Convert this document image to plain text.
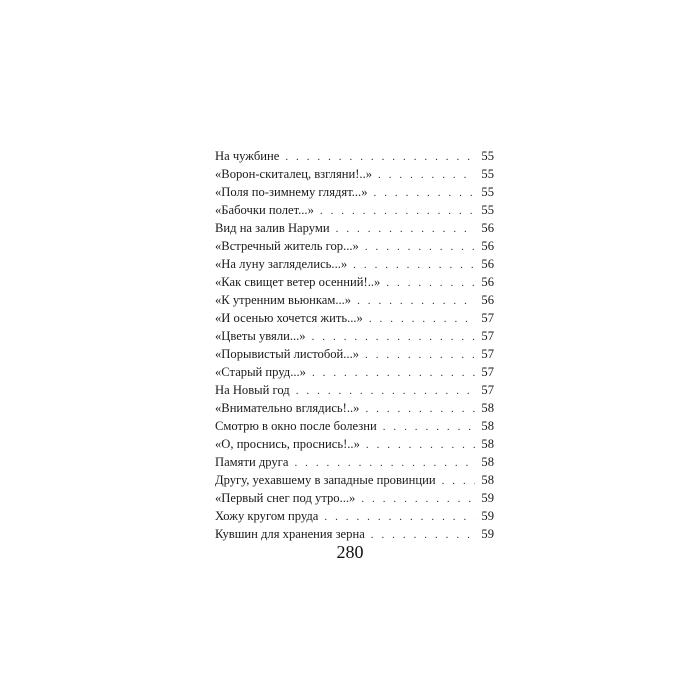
На чужбине . . .	55
«Ворон-скиталец, взгляни!..» . . .	55
«Поля по-зимнему глядят...» . . .	55
«Бабочки полет...» . . .	55
Вид на залив Наруми . . .	56
«Встречный житель гор...» . . .	56
«На луну загляделись...» . . .	56
«Как свищет ветер осенний!..» . . .	56
«К утренним вьюнкам...» . . .	56
«И осенью хочется жить...» . . .	57
«Цветы увяли...» . . .	57
«Порывистый листобой...» . . .	57
«Старый пруд...» . . .	57
На Новый год . . .	57
«Внимательно вглядись!..» . . .	58
Смотрю в окно после болезни . . .	58
«О, проснись, проснись!..» . . .	58
Памяти друга . . .	58
Другу, уехавшему в западные провинции . . .	58
«Первый снег под утро...» . . .	59
Хожу кругом пруда . . .	59
Кувшин для хранения зерна . . .	59
280
